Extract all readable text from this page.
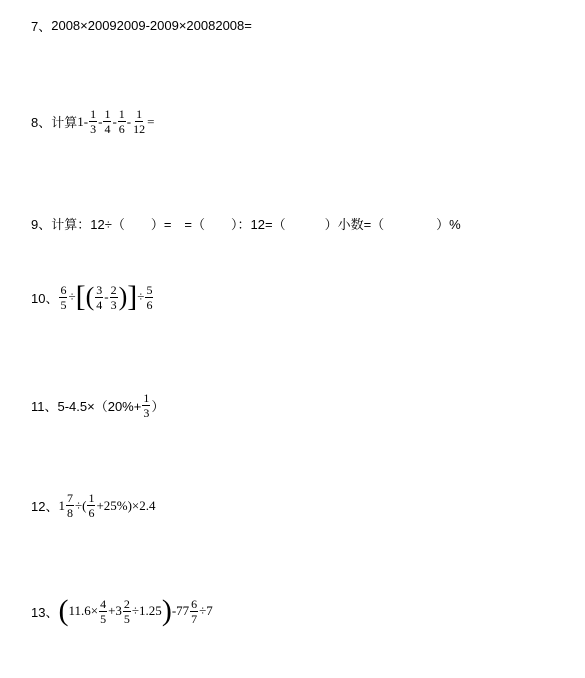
7、 2008×20092009-2009×20082008=
8、 计算 $1- \frac{1}{3} - \frac{1}{4} - \frac{1}{6} - \frac{1}{12}$ =
9、 计算：12÷（　　）=　=（　　）：12=（　　　）小数=（　　　　）%
10、 $\frac{6}{5}$ ÷ [ ( $\frac{3}{4} - \frac{2}{3}$ ) ] ÷ $\frac{5}{6}$
11、 $5-4.5\times(20\%+ \frac{1}{3}$ ）
12、 $1 \frac{7}{8}$ ÷( $\frac{1}{6} +25\%)\times 2.4$
13、 ( $11.6\times \frac{4}{5} +3 \frac{2}{5} \div 1.25$ ) $-77 \frac{6}{7} \div 7$
